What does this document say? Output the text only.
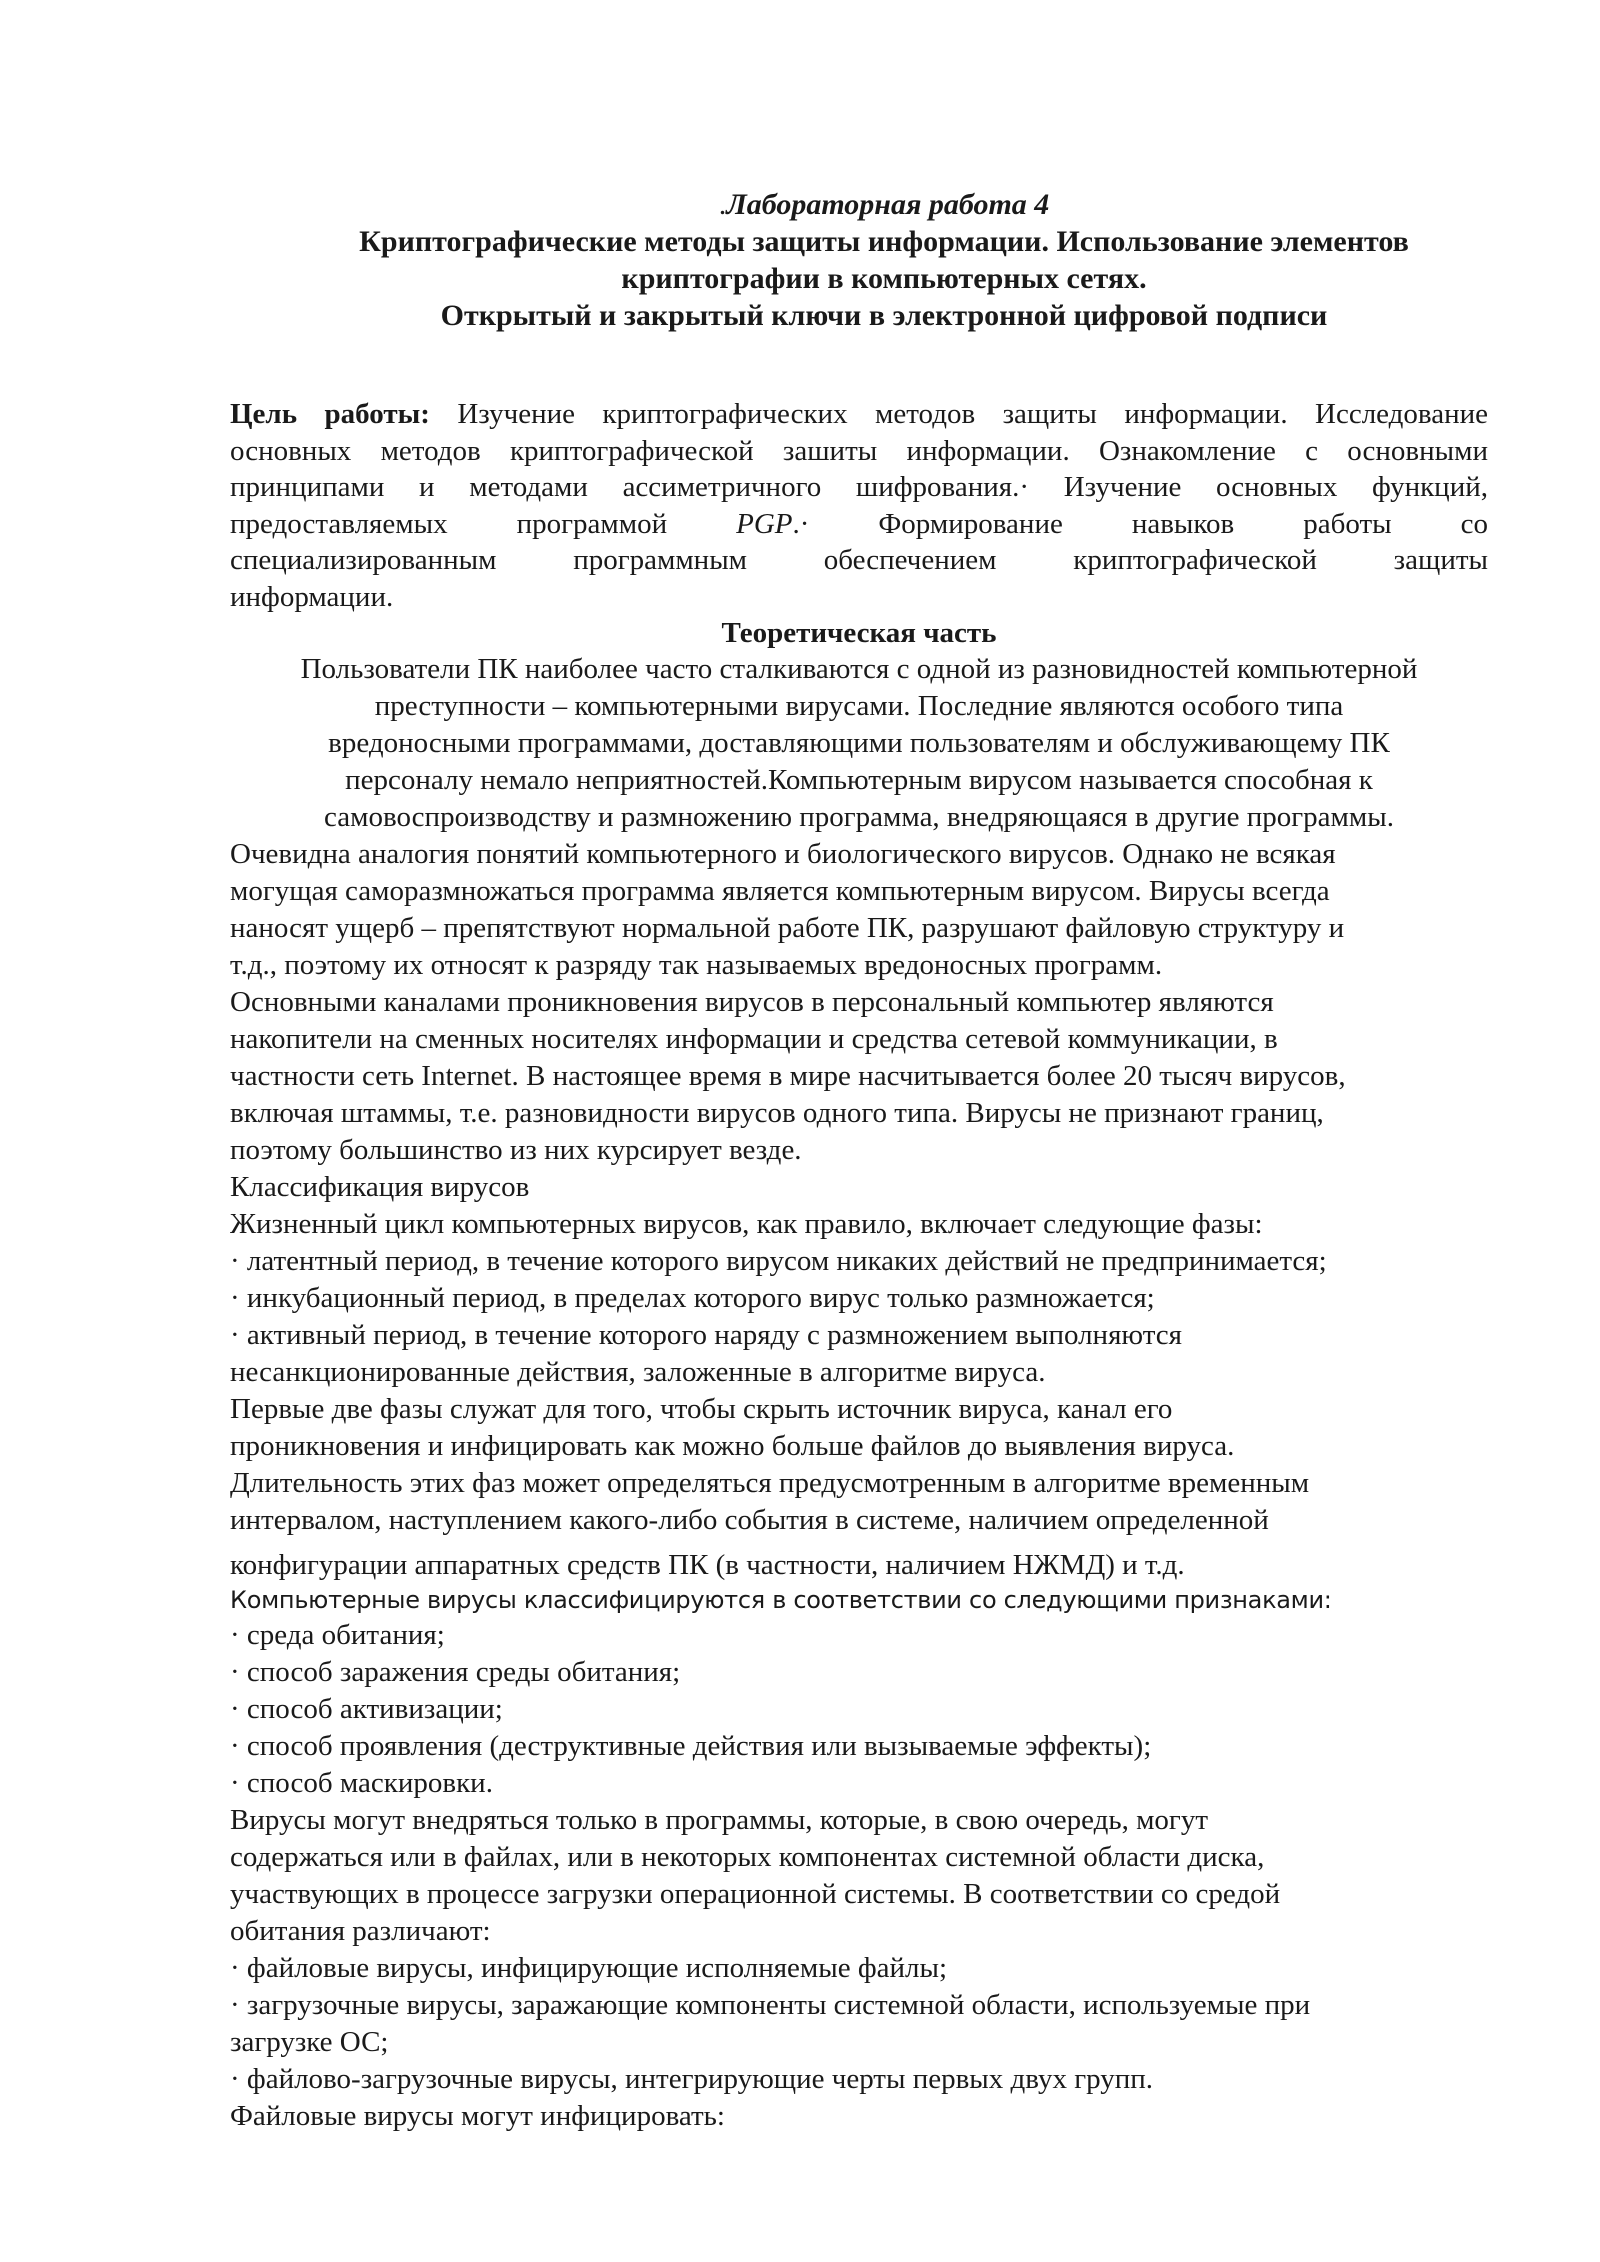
.Лабораторная работа 4
Криптографические методы защиты информации. Использование элементов
криптографии в компьютерных сетях.
Открытый и закрытый ключи в электронной цифровой подписи
Цель работы: Изучение криптографических методов защиты информации. Исследование
основных методов криптографической зашиты информации. Ознакомление с основными
принципами и методами ассиметричного шифрования.· Изучение основных функций,
предоставляемых программой PGP.· Формирование навыков работы со
специализированным программным обеспечением криптографической защиты
информации.
Теоретическая часть
Пользователи ПК наиболее часто сталкиваются с одной из разновидностей компьютерной
преступности – компьютерными вирусами. Последние являются особого типа
вредоносными программами, доставляющими пользователям и обслуживающему ПК
персоналу немало неприятностей.Компьютерным вирусом называется способная к
самовоспроизводству и размножению программа, внедряющаяся в другие программы.
Очевидна аналогия понятий компьютерного и биологического вирусов. Однако не всякая
могущая саморазмножаться программа является компьютерным вирусом. Вирусы всегда
наносят ущерб – препятствуют нормальной работе ПК, разрушают файловую структуру и
т.д., поэтому их относят к разряду так называемых вредоносных программ.
Основными каналами проникновения вирусов в персональный компьютер являются
накопители на сменных носителях информации и средства сетевой коммуникации, в
частности сеть Internet. В настоящее время в мире насчитывается более 20 тысяч вирусов,
включая штаммы, т.е. разновидности вирусов одного типа. Вирусы не признают границ,
поэтому большинство из них курсирует везде.
Классификация вирусов
Жизненный цикл компьютерных вирусов, как правило, включает следующие фазы:
· латентный период, в течение которого вирусом никаких действий не предпринимается;
· инкубационный период, в пределах которого вирус только размножается;
· активный период, в течение которого наряду с размножением выполняются
несанкционированные действия, заложенные в алгоритме вируса.
Первые две фазы служат для того, чтобы скрыть источник вируса, канал его
проникновения и инфицировать как можно больше файлов до выявления вируса.
Длительность этих фаз может определяться предусмотренным в алгоритме временным
интервалом, наступлением какого-либо события в системе, наличием определенной
конфигурации аппаратных средств ПК (в частности, наличием НЖМД) и т.д.
Компьютерные вирусы классифицируются в соответствии со следующими признаками:
· среда обитания;
· способ заражения среды обитания;
· способ активизации;
· способ проявления (деструктивные действия или вызываемые эффекты);
· способ маскировки.
Вирусы могут внедряться только в программы, которые, в свою очередь, могут
содержаться или в файлах, или в некоторых компонентах системной области диска,
участвующих в процессе загрузки операционной системы. В соответствии со средой
обитания различают:
· файловые вирусы, инфицирующие исполняемые файлы;
· загрузочные вирусы, заражающие компоненты системной области, используемые при
загрузке ОС;
· файлово-загрузочные вирусы, интегрирующие черты первых двух групп.
Файловые вирусы могут инфицировать:
